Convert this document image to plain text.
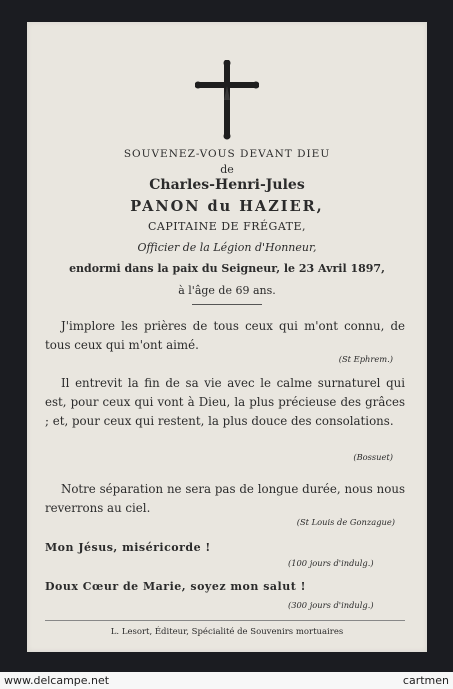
SOUVENEZ-VOUS DEVANT DIEU
de
Charles-Henri-Jules
PANON du HAZIER,
CAPITAINE DE FRÉGATE,
Officier de la Légion d'Honneur,
endormi dans la paix du Seigneur, le 23 Avril 1897,
à l'âge de 69 ans.
J'implore les prières de tous ceux qui m'ont connu, de tous ceux qui m'ont aimé.
(St Ephrem.)
Il entrevit la fin de sa vie avec le calme surnaturel qui est, pour ceux qui vont à Dieu, la plus précieuse des grâces ; et, pour ceux qui restent, la plus douce des consolations.
(Bossuet)
Notre séparation ne sera pas de longue durée, nous nous reverrons au ciel.
(St Louis de Gonzague)
Mon Jésus, miséricorde !
(100 jours d'indulg.)
Doux Cœur de Marie, soyez mon salut !
(300 jours d'indulg.)
L. Lesort, Éditeur, Spécialité de Souvenirs mortuaires
www.delcampe.net	cartmen
